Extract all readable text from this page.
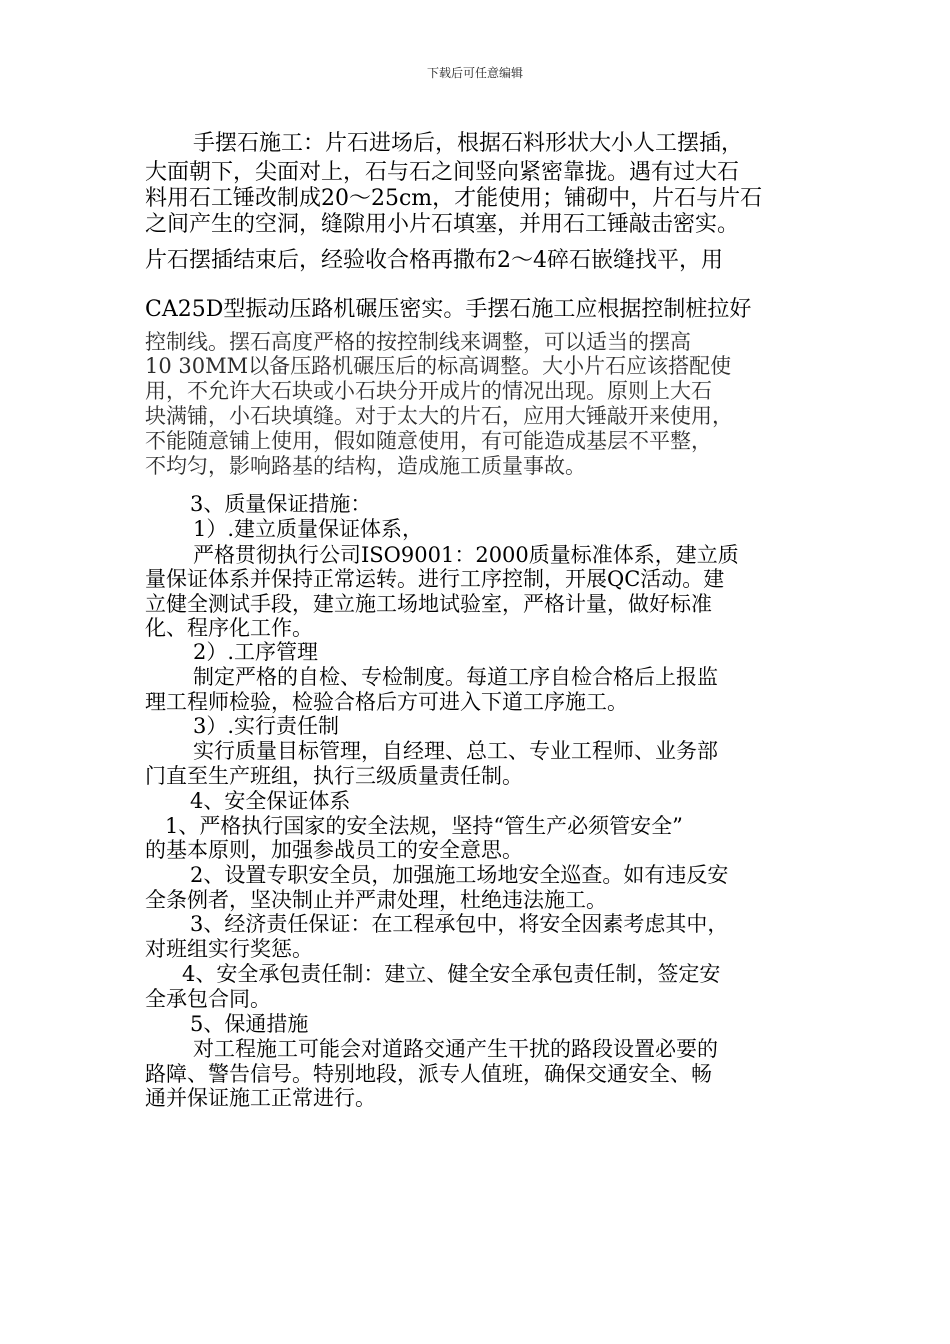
下载后可任意编辑
手摆石施工：片石进场后，根据石料形状大小人工摆插，
大面朝下，尖面对上，石与石之间竖向紧密靠拢。遇有过大石
料用石工锤改制成20～25cm，才能使用；铺砌中，片石与片石
之间产生的空洞，缝隙用小片石填塞，并用石工锤敲击密实。
片石摆插结束后，经验收合格再撒布2～4碎石嵌缝找平，用
CA25D型振动压路机碾压密实。手摆石施工应根据控制桩拉好
控制线。摆石高度严格的按控制线来调整，可以适当的摆高
10 30MM以备压路机碾压后的标高调整。大小片石应该搭配使
用，不允许大石块或小石块分开成片的情况出现。原则上大石
块满铺，小石块填缝。对于太大的片石，应用大锤敲开来使用，
不能随意铺上使用，假如随意使用，有可能造成基层不平整，
不均匀，影响路基的结构，造成施工质量事故。
3、质量保证措施：
1）.建立质量保证体系，
严格贯彻执行公司ISO9001：2000质量标准体系，建立质
量保证体系并保持正常运转。进行工序控制，开展QC活动。建
立健全测试手段，建立施工场地试验室，严格计量，做好标准
化、程序化工作。
2）.工序管理
制定严格的自检、专检制度。每道工序自检合格后上报监
理工程师检验，检验合格后方可进入下道工序施工。
3）.实行责任制
实行质量目标管理，自经理、总工、专业工程师、业务部
门直至生产班组，执行三级质量责任制。
4、安全保证体系
1、严格执行国家的安全法规，坚持“管生产必须管安全”
的基本原则，加强参战员工的安全意思。
2、设置专职安全员，加强施工场地安全巡查。如有违反安
全条例者，坚决制止并严肃处理，杜绝违法施工。
3、经济责任保证：在工程承包中，将安全因素考虑其中，
对班组实行奖惩。
4、安全承包责任制：建立、健全安全承包责任制，签定安
全承包合同。
5、保通措施
对工程施工可能会对道路交通产生干扰的路段设置必要的
路障、警告信号。特别地段，派专人值班，确保交通安全、畅
通并保证施工正常进行。
